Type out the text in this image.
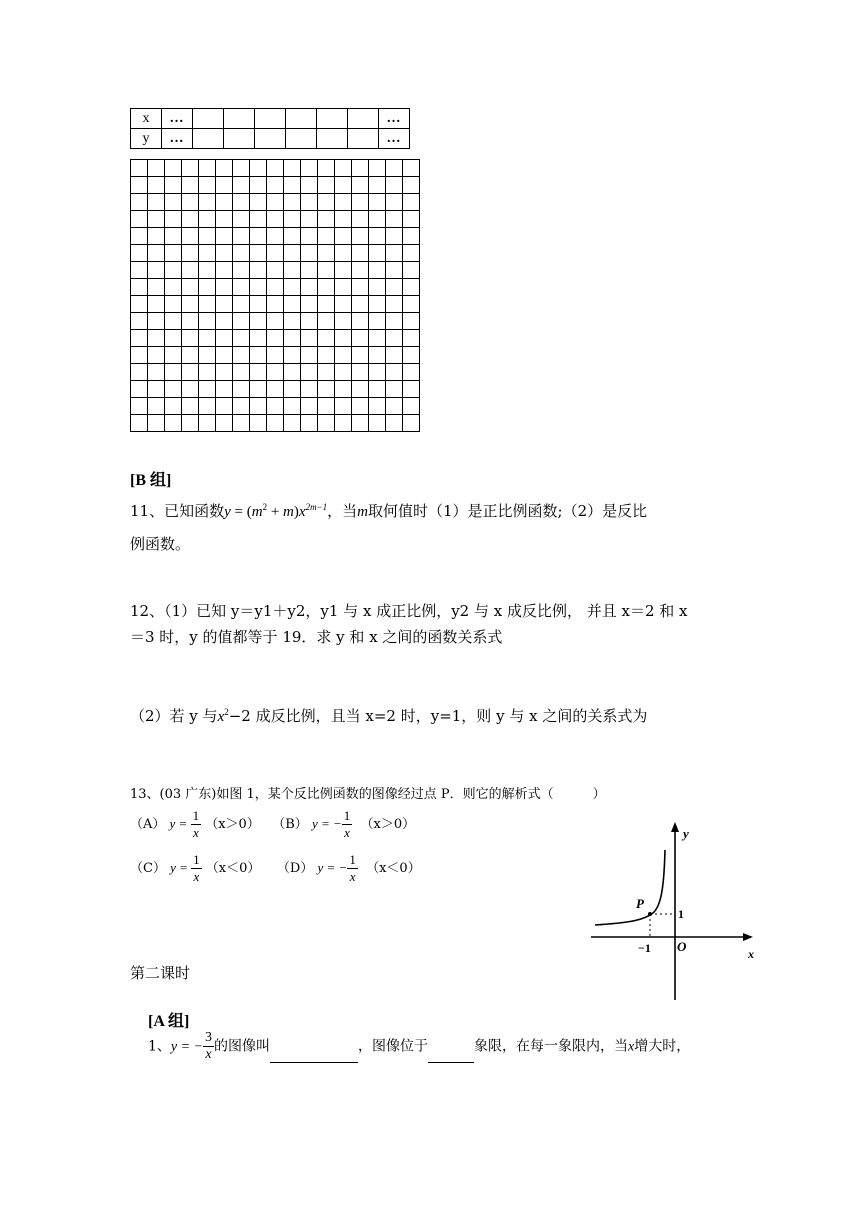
x	…							…
y	…							…

[B 组]
11、已知函数$y = (m^2 + m)x^{2m-1}$，当m取何值时（1）是正比例函数;（2）是反比
例函数。
12、（1）已知 y＝y1＋y2，y1 与 x 成正比例，y2 与 x 成反比例， 并且 x＝2 和 x
＝3 时，y 的值都等于 19．求 y 和 x 之间的函数关系式
（2）若 y 与$x^2-2$ 成反比例，且当 x=2 时，y=1，则 y 与 x 之间的关系式为
13、(03 广东)如图 1，某个反比例函数的图像经过点 P．则它的解析式（　　　）
（A） $y = \frac{1}{x} (x>0)$ （B） y = − $\frac{1}{x} (x>0)$
（C） $y = \frac{1}{x} (x<0)$ （D） y = − $\frac{1}{x} (x<0)$
y
x
O
P
1
−1
第二课时
[A 组]
1、y = − $\frac{3}{x}$ 的图像叫	，图像位于	象限，在每一象限内，当x增大时，
